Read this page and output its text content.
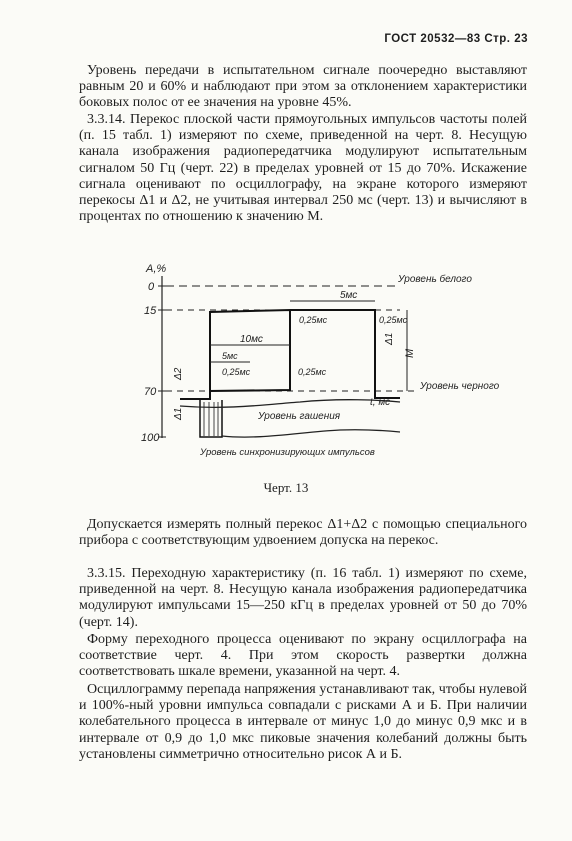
ГОСТ 20532—83 Стр. 23

Уровень передачи в испытательном сигнале поочередно выставляют равным 20 и 60% и наблюдают при этом за отклонением характеристики боковых полос от ее значения на уровне 45%.

3.3.14. Перекос плоской части прямоугольных импульсов частоты полей (п. 15 табл. 1) измеряют по схеме, приведенной на черт. 8. Несущую канала изображения радиопередатчика модулируют испытательным сигналом 50 Гц (черт. 22) в пределах уровней от 15 до 70%. Искажение сигнала оценивают по осциллографу, на экране которого измеряют перекосы Δ1 и Δ2, не учитывая интервал 250 мс (черт. 13) и вычисляют в процентах по отношению к значению M.

A,%
0
15
70
100
5мс
0,25мс	0,25мс
10мс
5мс
0,25мс	0,25мс
Δ2
Δ1
Δ1
M
Уровень белого
Уровень черного
t, мс
Уровень гашения
Уровень синхронизирующих импульсов
Черт. 13

Допускается измерять полный перекос Δ1+Δ2 с помощью специального прибора с соответствующим удвоением допуска на перекос.

3.3.15. Переходную характеристику (п. 16 табл. 1) измеряют по схеме, приведенной на черт. 8. Несущую канала изображения радиопередатчика модулируют импульсами 15—250 кГц в пределах уровней от 50 до 70% (черт. 14).

Форму переходного процесса оценивают по экрану осциллографа на соответствие черт. 4. При этом скорость развертки должна соответствовать шкале времени, указанной на черт. 4.

Осциллограмму перепада напряжения устанавливают так, чтобы нулевой и 100%-ный уровни импульса совпадали с рисками А и Б. При наличии колебательного процесса в интервале от минус 1,0 до минус 0,9 мкс и в интервале от 0,9 до 1,0 мкс пиковые значения колебаний должны быть установлены симметрично относительно рисок А и Б.
